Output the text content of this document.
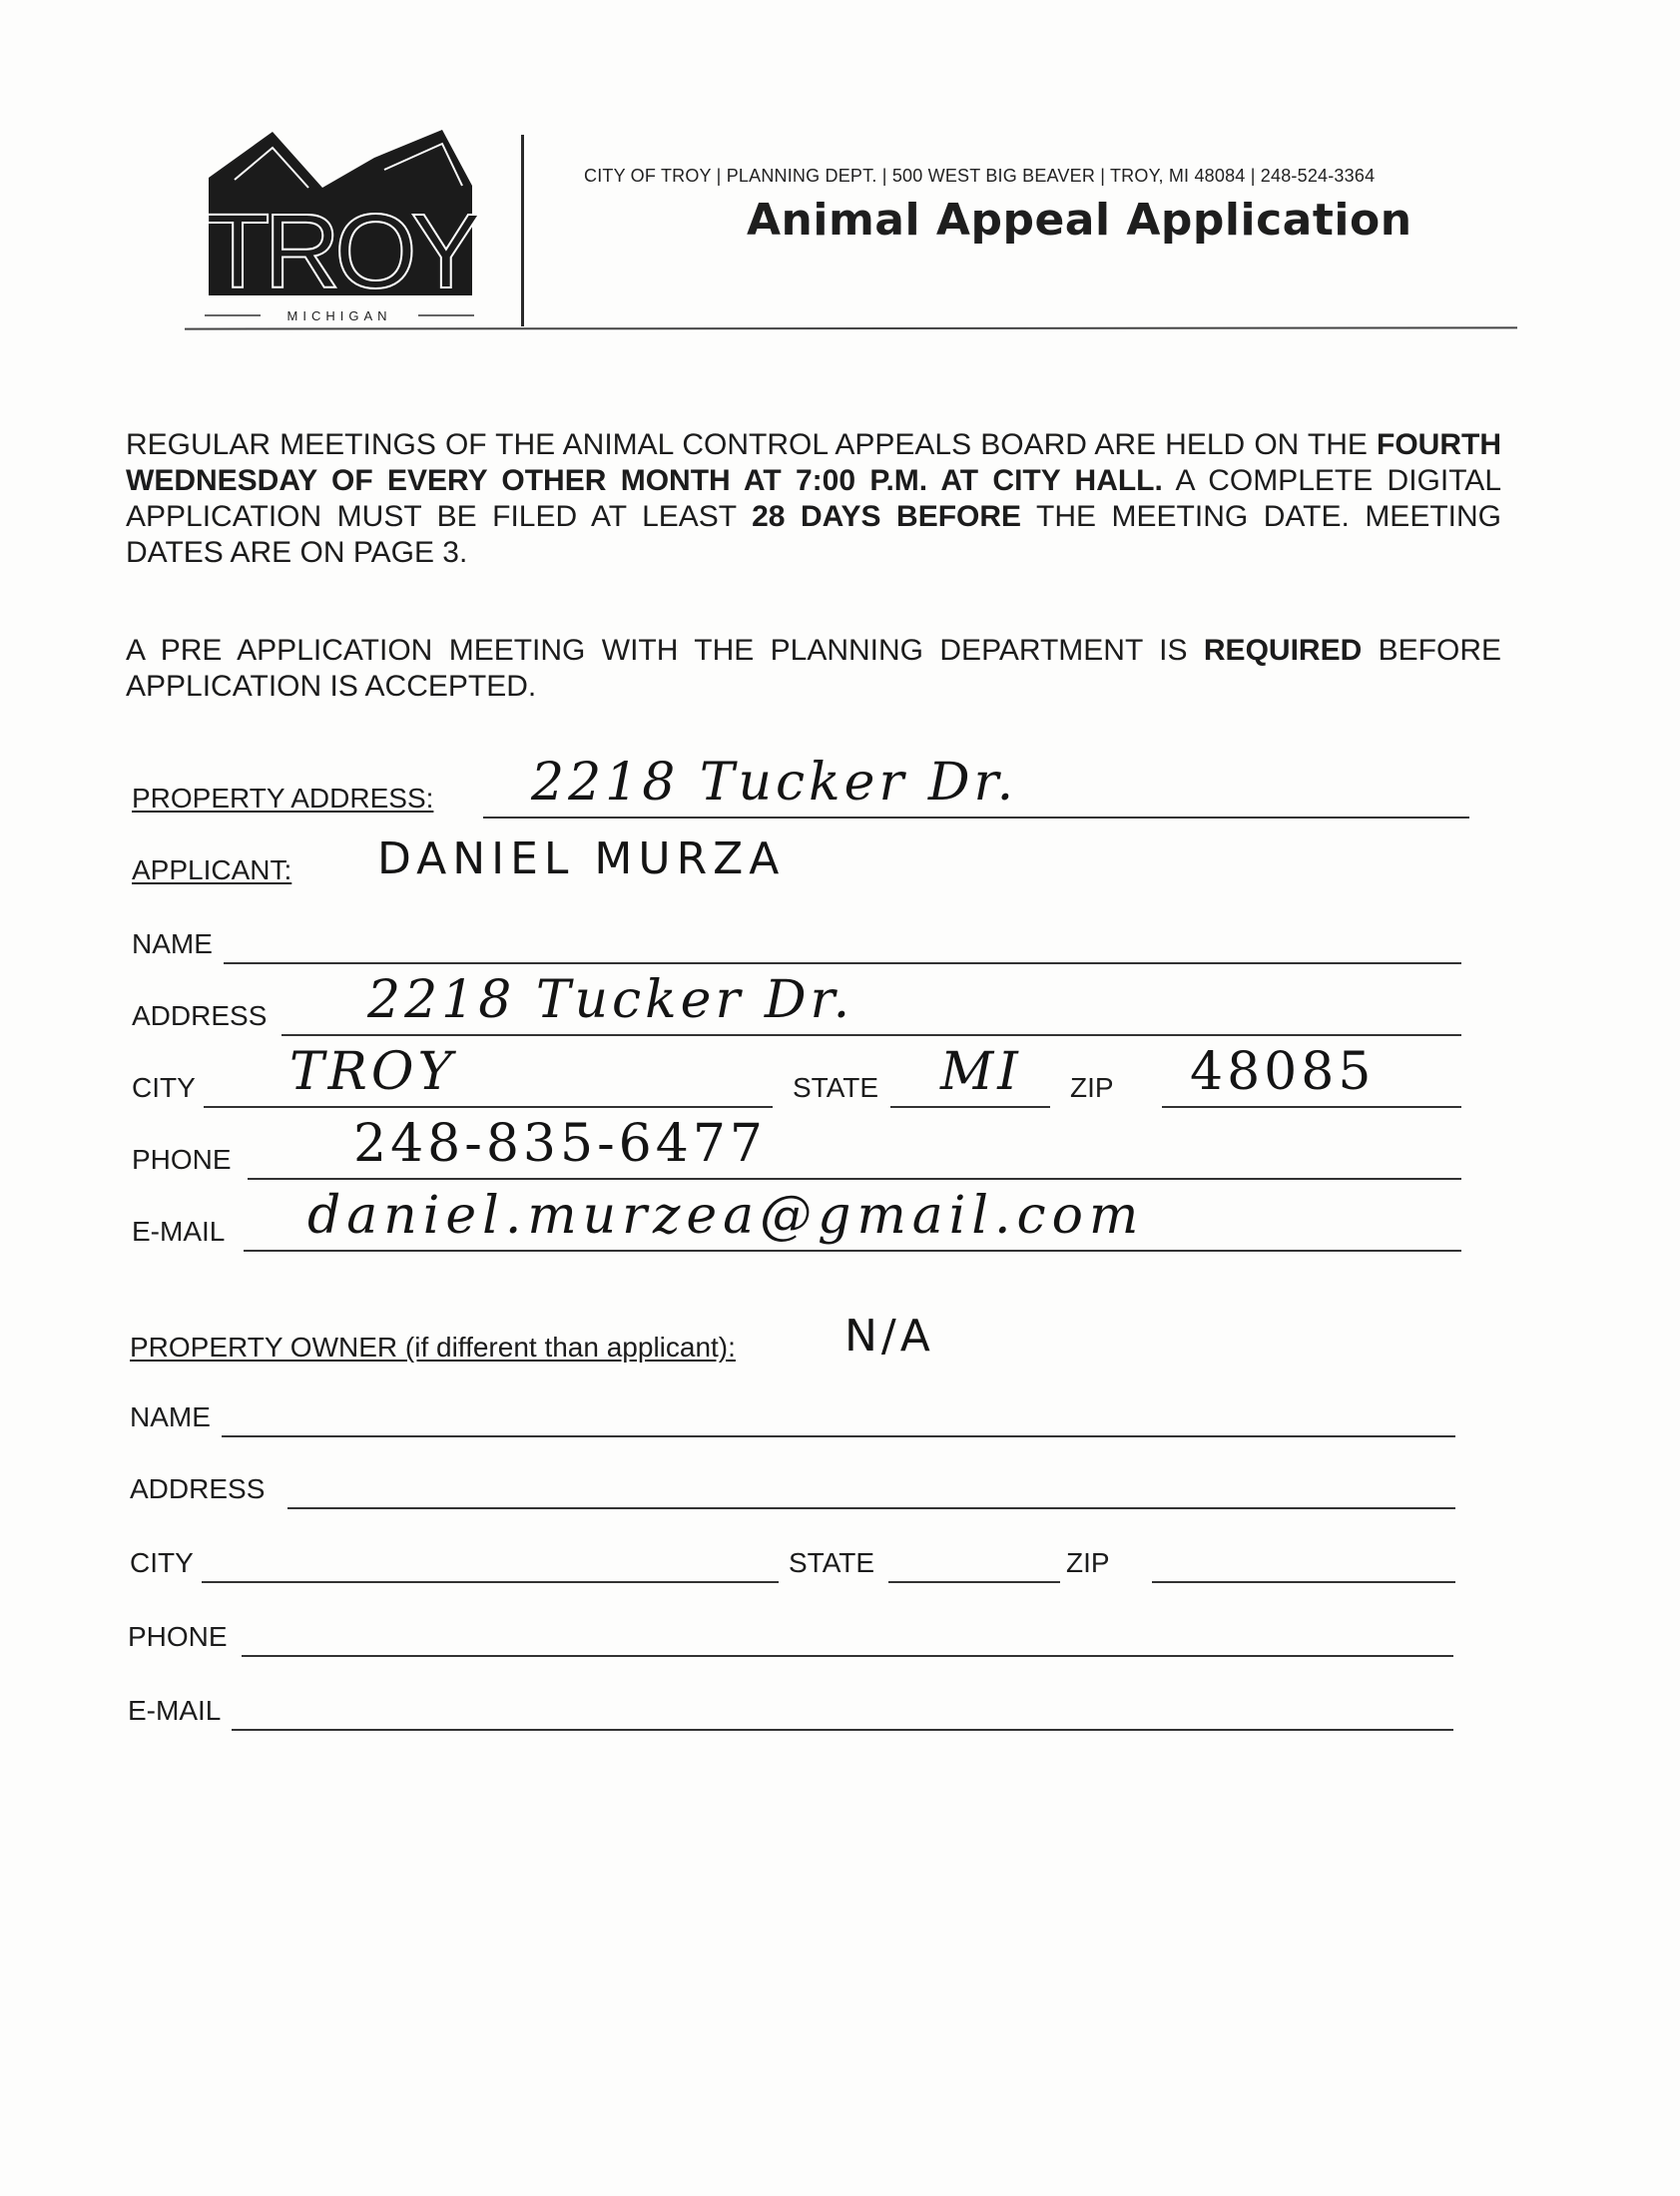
TROY
MICHIGAN
CITY OF TROY | PLANNING DEPT. | 500 WEST BIG BEAVER | TROY, MI 48084 | 248-524-3364
Animal Appeal Application
REGULAR MEETINGS OF THE ANIMAL CONTROL APPEALS BOARD ARE HELD ON THE FOURTH WEDNESDAY OF EVERY OTHER MONTH AT 7:00 P.M. AT CITY HALL. A COMPLETE DIGITAL APPLICATION MUST BE FILED AT LEAST 28 DAYS BEFORE THE MEETING DATE. MEETING DATES ARE ON PAGE 3.
A PRE APPLICATION MEETING WITH THE PLANNING DEPARTMENT IS REQUIRED BEFORE APPLICATION IS ACCEPTED.
PROPERTY ADDRESS: 2218 Tucker Dr.
APPLICANT: DANIEL MURZA
NAME
ADDRESS 2218 Tucker Dr.
CITY TROY	STATE MI ZIP 48085
PHONE 248-835-6477
E-MAIL daniel.murzea@gmail.com
PROPERTY OWNER (if different than applicant): N/A
NAME
ADDRESS
CITY	STATE	ZIP
PHONE
E-MAIL
